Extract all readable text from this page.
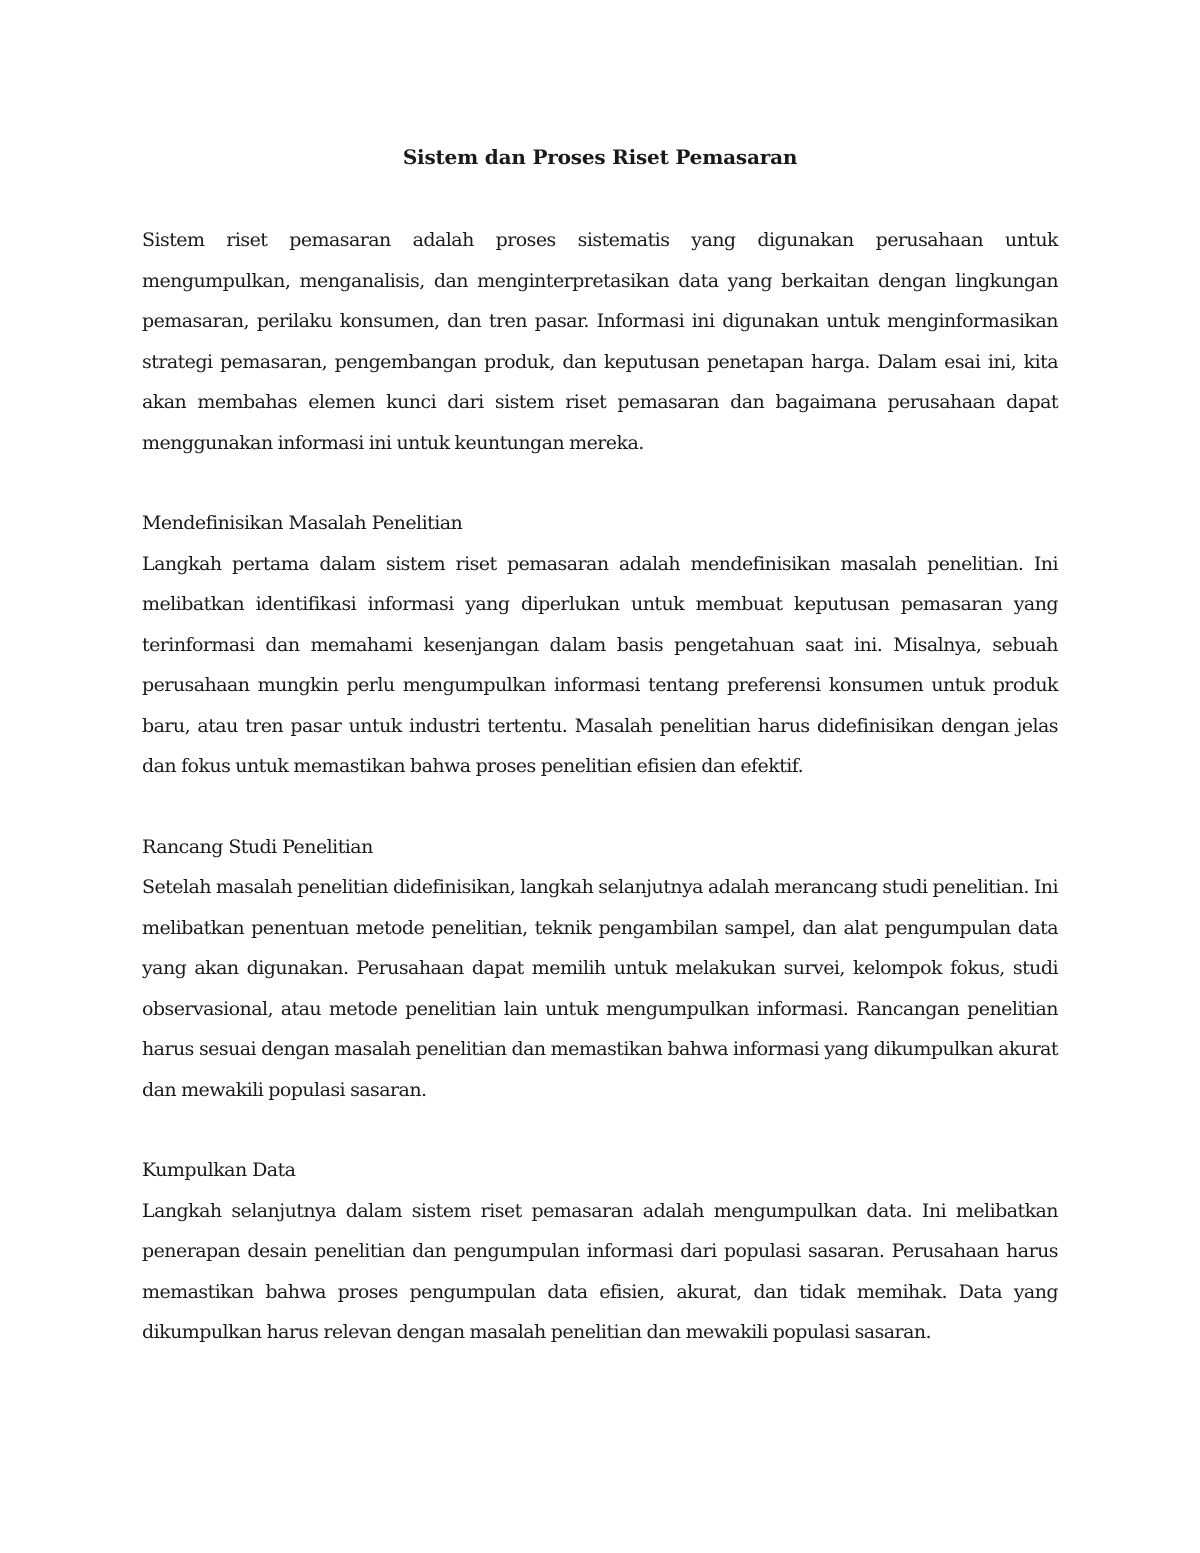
Sistem dan Proses Riset Pemasaran

Sistem riset pemasaran adalah proses sistematis yang digunakan perusahaan untuk mengumpulkan, menganalisis, dan menginterpretasikan data yang berkaitan dengan lingkungan pemasaran, perilaku konsumen, dan tren pasar. Informasi ini digunakan untuk menginformasikan strategi pemasaran, pengembangan produk, dan keputusan penetapan harga. Dalam esai ini, kita akan membahas elemen kunci dari sistem riset pemasaran dan bagaimana perusahaan dapat menggunakan informasi ini untuk keuntungan mereka.

Mendefinisikan Masalah Penelitian

Langkah pertama dalam sistem riset pemasaran adalah mendefinisikan masalah penelitian. Ini melibatkan identifikasi informasi yang diperlukan untuk membuat keputusan pemasaran yang terinformasi dan memahami kesenjangan dalam basis pengetahuan saat ini. Misalnya, sebuah perusahaan mungkin perlu mengumpulkan informasi tentang preferensi konsumen untuk produk baru, atau tren pasar untuk industri tertentu. Masalah penelitian harus didefinisikan dengan jelas dan fokus untuk memastikan bahwa proses penelitian efisien dan efektif.

Rancang Studi Penelitian

Setelah masalah penelitian didefinisikan, langkah selanjutnya adalah merancang studi penelitian. Ini melibatkan penentuan metode penelitian, teknik pengambilan sampel, dan alat pengumpulan data yang akan digunakan. Perusahaan dapat memilih untuk melakukan survei, kelompok fokus, studi observasional, atau metode penelitian lain untuk mengumpulkan informasi. Rancangan penelitian harus sesuai dengan masalah penelitian dan memastikan bahwa informasi yang dikumpulkan akurat dan mewakili populasi sasaran.

Kumpulkan Data

Langkah selanjutnya dalam sistem riset pemasaran adalah mengumpulkan data. Ini melibatkan penerapan desain penelitian dan pengumpulan informasi dari populasi sasaran. Perusahaan harus memastikan bahwa proses pengumpulan data efisien, akurat, dan tidak memihak. Data yang dikumpulkan harus relevan dengan masalah penelitian dan mewakili populasi sasaran.
